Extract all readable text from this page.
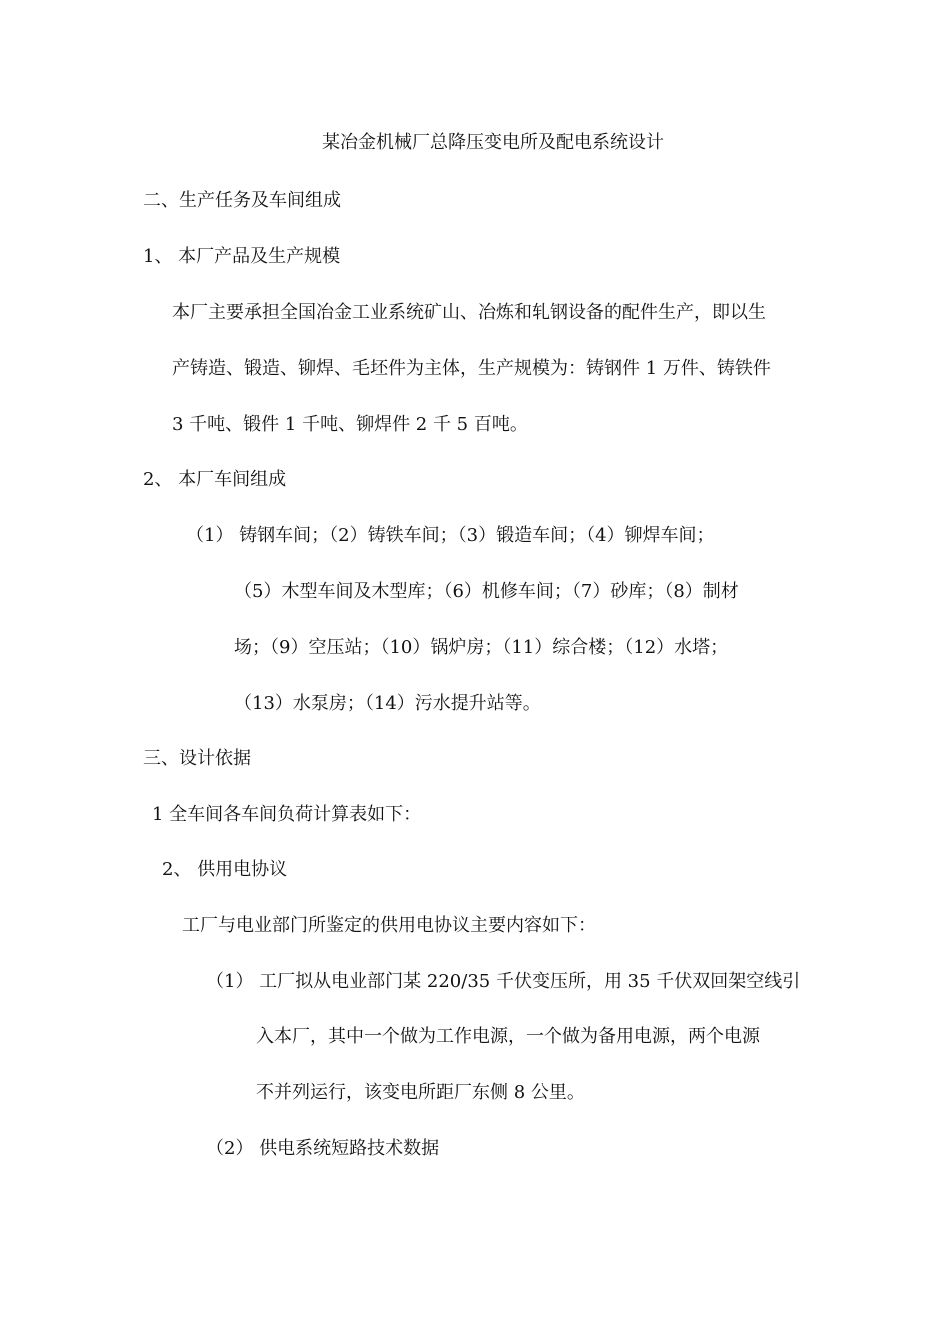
某冶金机械厂总降压变电所及配电系统设计
二、生产任务及车间组成
1、 本厂产品及生产规模
本厂主要承担全国冶金工业系统矿山、冶炼和轧钢设备的配件生产，即以生
产铸造、锻造、铆焊、毛坯件为主体，生产规模为：铸钢件 1 万件、铸铁件
3 千吨、锻件 1 千吨、铆焊件 2 千 5 百吨。
2、 本厂车间组成
（1） 铸钢车间；（2）铸铁车间；（3）锻造车间；（4）铆焊车间；
（5）木型车间及木型库；（6）机修车间；（7）砂库；（8）制材
场；（9）空压站；（10）锅炉房；（11）综合楼；（12）水塔；
（13）水泵房；（14）污水提升站等。
三、设计依据
1 全车间各车间负荷计算表如下：
2、 供用电协议
工厂与电业部门所鉴定的供用电协议主要内容如下：
（1） 工厂拟从电业部门某 220/35 千伏变压所，用 35 千伏双回架空线引
入本厂，其中一个做为工作电源，一个做为备用电源，两个电源
不并列运行，该变电所距厂东侧 8 公里。
（2） 供电系统短路技术数据
